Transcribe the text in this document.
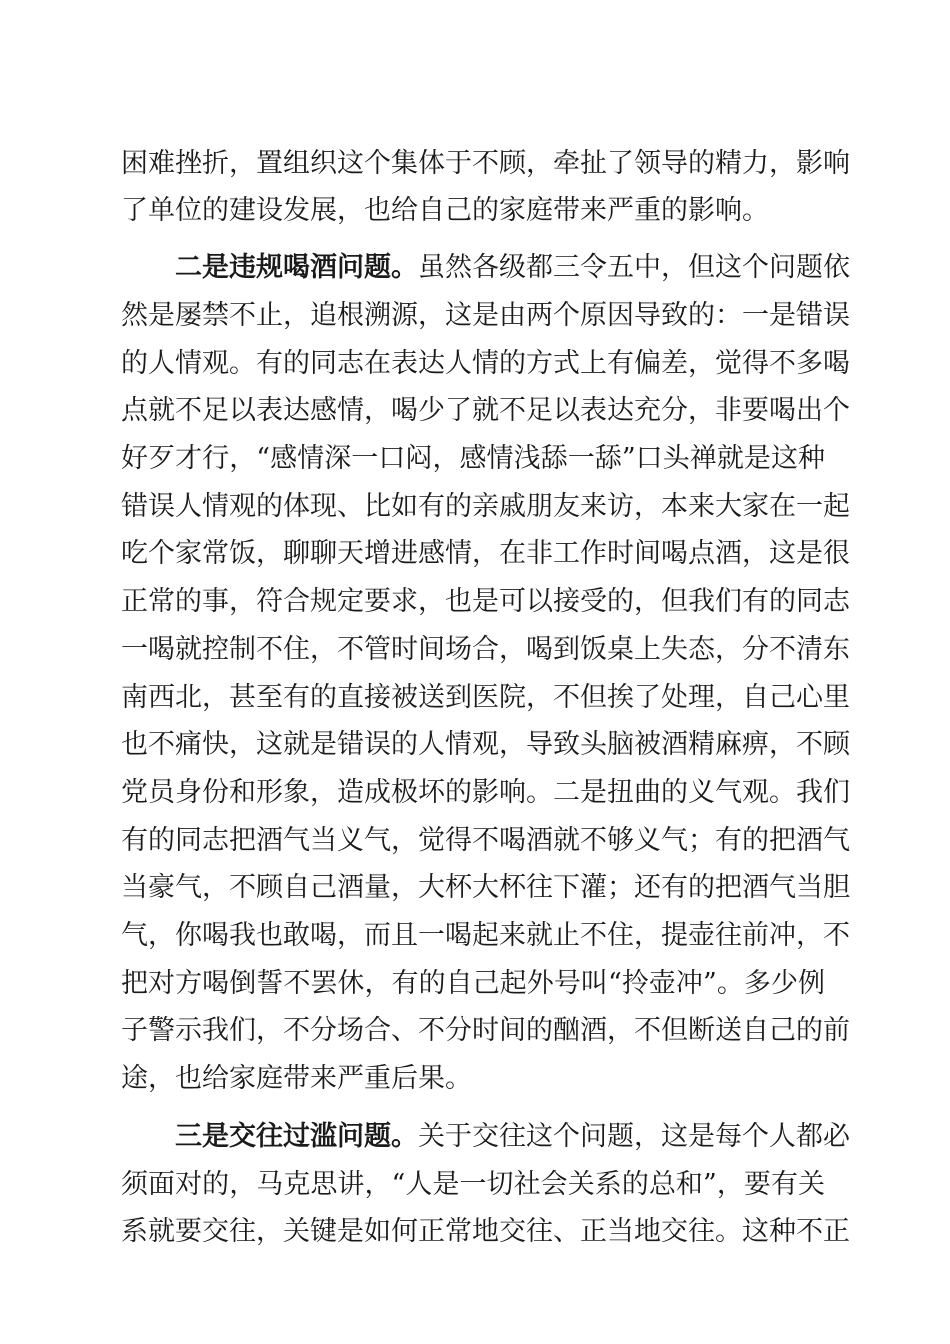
困难挫折，置组织这个集体于不顾，牵扯了领导的精力，影响
了单位的建设发展，也给自己的家庭带来严重的影响。
二是违规喝酒问题。虽然各级都三令五中，但这个问题依
然是屡禁不止，追根溯源，这是由两个原因导致的：一是错误
的人情观。有的同志在表达人情的方式上有偏差，觉得不多喝
点就不足以表达感情，喝少了就不足以表达充分，非要喝出个
好歹才行，“感情深一口闷，感情浅舔一舔”口头禅就是这种
错误人情观的体现、比如有的亲戚朋友来访，本来大家在一起
吃个家常饭，聊聊天增进感情，在非工作时间喝点酒，这是很
正常的事，符合规定要求，也是可以接受的，但我们有的同志
一喝就控制不住，不管时间场合，喝到饭桌上失态，分不清东
南西北，甚至有的直接被送到医院，不但挨了处理，自己心里
也不痛快，这就是错误的人情观，导致头脑被酒精麻痹，不顾
党员身份和形象，造成极坏的影响。二是扭曲的义气观。我们
有的同志把酒气当义气，觉得不喝酒就不够义气；有的把酒气
当豪气，不顾自己酒量，大杯大杯往下灌；还有的把酒气当胆
气，你喝我也敢喝，而且一喝起来就止不住，提壶往前冲，不
把对方喝倒誓不罢休，有的自己起外号叫“拎壶冲”。多少例
子警示我们，不分场合、不分时间的酗酒，不但断送自己的前
途，也给家庭带来严重后果。
三是交往过滥问题。关于交往这个问题，这是每个人都必
须面对的，马克思讲，“人是一切社会关系的总和”，要有关
系就要交往，关键是如何正常地交往、正当地交往。这种不正
